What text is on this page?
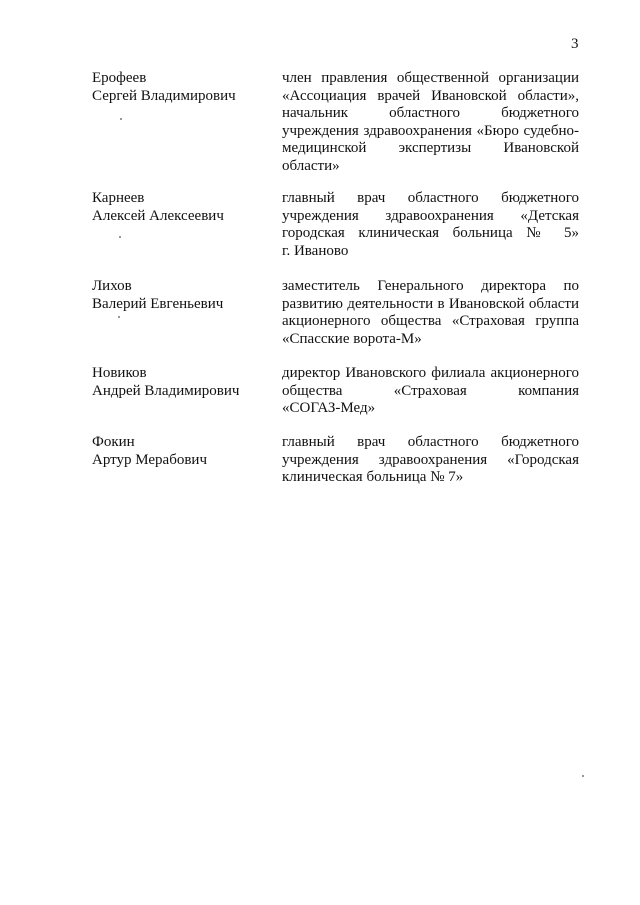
3
Ерофеев
Сергей Владимирович
член правления общественной организации
«Ассоциация врачей Ивановской области»,
начальник областного бюджетного
учреждения здравоохранения «Бюро судебно-
медицинской экспертизы Ивановской
области»
Карнеев
Алексей Алексеевич
главный врач областного бюджетного
учреждения здравоохранения «Детская
городская клиническая больница № 5»
г. Иваново
Лихов
Валерий Евгеньевич
заместитель Генерального директора по
развитию деятельности в Ивановской области
акционерного общества «Страховая группа
«Спасские ворота-М»
Новиков
Андрей Владимирович
директор Ивановского филиала акционерного
общества «Страховая компания
«СОГАЗ-Мед»
Фокин
Артур Мерабович
главный врач областного бюджетного
учреждения здравоохранения «Городская
клиническая больница № 7»
